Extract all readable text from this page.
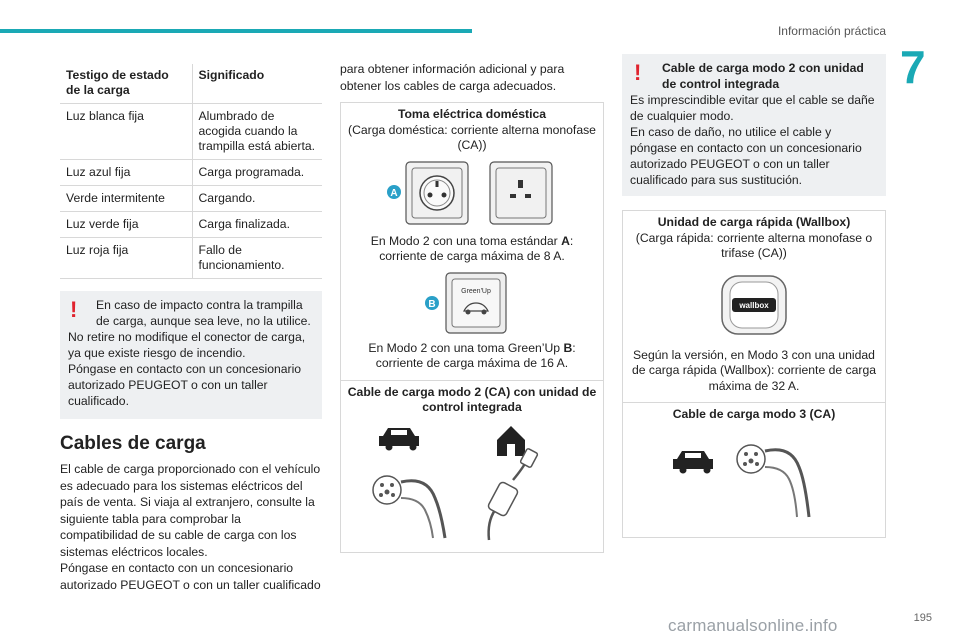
Información práctica
7
Testigo de estado de la carga	Significado
Luz blanca fija	Alumbrado de acogida cuando la trampilla está abierta.
Luz azul fija	Carga programada.
Verde intermitente	Cargando.
Luz verde fija	Carga finalizada.
Luz roja fija	Fallo de funcionamiento.
!	En caso de impacto contra la trampilla de carga, aunque sea leve, no la utilice.

No retire no modifique el conector de carga, ya que existe riesgo de incendio.

Póngase en contacto con un concesionario autorizado PEUGEOT o con un taller cualificado.

Cables de carga

El cable de carga proporcionado con el vehículo es adecuado para los sistemas eléctricos del país de venta. Si viaja al extranjero, consulte la siguiente tabla para comprobar la compatibilidad de su cable de carga con los sistemas eléctricos locales.

Póngase en contacto con un concesionario autorizado PEUGEOT o con un taller cualificado

para obtener información adicional y para obtener los cables de carga adecuados.

Toma eléctrica doméstica
(Carga doméstica: corriente alterna monofase (CA))
A
En Modo 2 con una toma estándar A: corriente de carga máxima de 8 A.
B
Green'Up
En Modo 2 con una toma Green’Up B: corriente de carga máxima de 16 A.
Cable de carga modo 2 (CA) con unidad de control integrada
!	Cable de carga modo 2 con unidad de control integrada

Es imprescindible evitar que el cable se dañe de cualquier modo.

En caso de daño, no utilice el cable y póngase en contacto con un concesionario autorizado PEUGEOT o con un taller cualificado para sus sustitución.

Unidad de carga rápida (Wallbox)
(Carga rápida: corriente alterna monofase o trifase (CA))
wallbox
Según la versión, en Modo 3 con una unidad de carga rápida (Wallbox): corriente de carga máxima de 32 A.
Cable de carga modo 3 (CA)
195
carmanualsonline.info
